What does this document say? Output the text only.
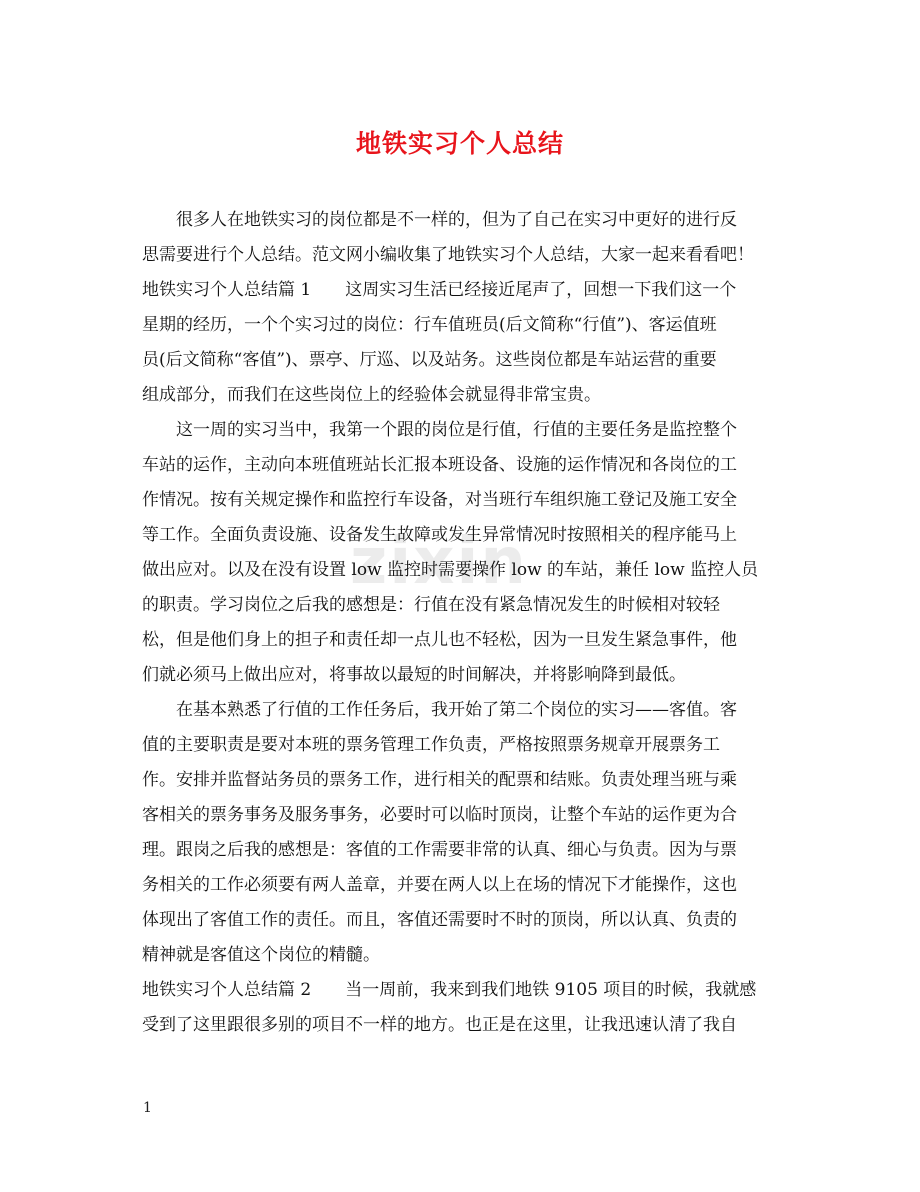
zixin
地铁实习个人总结
　　很多人在地铁实习的岗位都是不一样的，但为了自己在实习中更好的进行反
思需要进行个人总结。范文网小编收集了地铁实习个人总结，大家一起来看看吧！
地铁实习个人总结篇 1　　这周实习生活已经接近尾声了，回想一下我们这一个
星期的经历，一个个实习过的岗位：行车值班员(后文简称“行值”)、客运值班
员(后文简称“客值”)、票亭、厅巡、以及站务。这些岗位都是车站运营的重要
组成部分，而我们在这些岗位上的经验体会就显得非常宝贵。
　　这一周的实习当中，我第一个跟的岗位是行值，行值的主要任务是监控整个
车站的运作，主动向本班值班站长汇报本班设备、设施的运作情况和各岗位的工
作情况。按有关规定操作和监控行车设备，对当班行车组织施工登记及施工安全
等工作。全面负责设施、设备发生故障或发生异常情况时按照相关的程序能马上
做出应对。以及在没有设置 low 监控时需要操作 low 的车站，兼任 low 监控人员
的职责。学习岗位之后我的感想是：行值在没有紧急情况发生的时候相对较轻
松，但是他们身上的担子和责任却一点儿也不轻松，因为一旦发生紧急事件，他
们就必须马上做出应对，将事故以最短的时间解决，并将影响降到最低。
　　在基本熟悉了行值的工作任务后，我开始了第二个岗位的实习——客值。客
值的主要职责是要对本班的票务管理工作负责，严格按照票务规章开展票务工
作。安排并监督站务员的票务工作，进行相关的配票和结账。负责处理当班与乘
客相关的票务事务及服务事务，必要时可以临时顶岗，让整个车站的运作更为合
理。跟岗之后我的感想是：客值的工作需要非常的认真、细心与负责。因为与票
务相关的工作必须要有两人盖章，并要在两人以上在场的情况下才能操作，这也
体现出了客值工作的责任。而且，客值还需要时不时的顶岗，所以认真、负责的
精神就是客值这个岗位的精髓。
地铁实习个人总结篇 2　　当一周前，我来到我们地铁 9105 项目的时候，我就感
受到了这里跟很多别的项目不一样的地方。也正是在这里，让我迅速认清了我自
1
